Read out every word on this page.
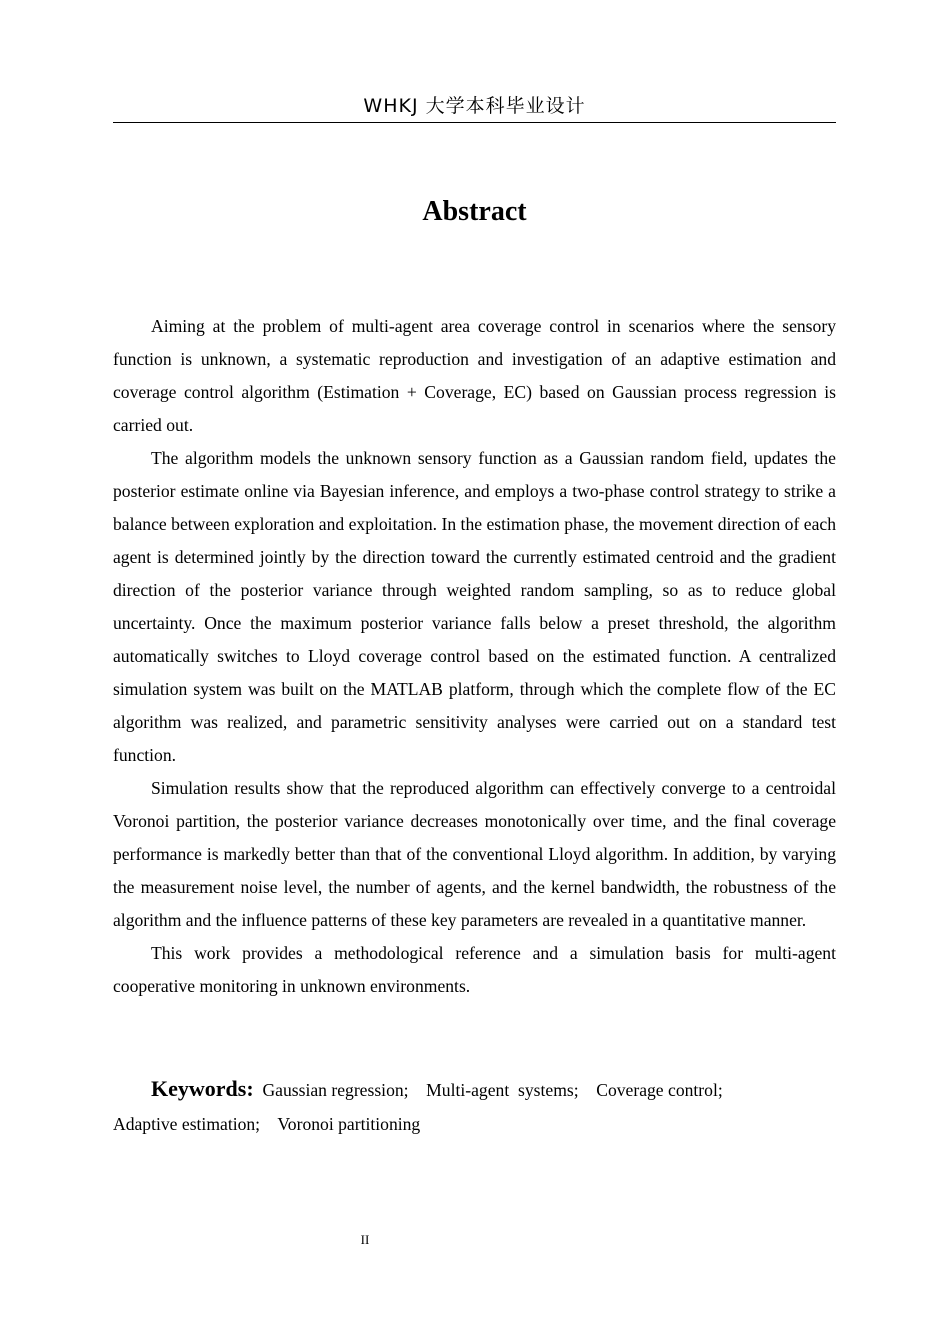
WHKJ 大学本科毕业设计
Abstract

Aiming at the problem of multi-agent area coverage control in scenarios where the sensory function is unknown, a systematic reproduction and investigation of an adaptive estimation and coverage control algorithm (Estimation + Coverage, EC) based on Gaussian process regression is carried out.

The algorithm models the unknown sensory function as a Gaussian random field, updates the posterior estimate online via Bayesian inference, and employs a two-phase control strategy to strike a balance between exploration and exploitation. In the estimation phase, the movement direction of each agent is determined jointly by the direction toward the currently estimated centroid and the gradient direction of the posterior variance through weighted random sampling, so as to reduce global uncertainty. Once the maximum posterior variance falls below a preset threshold, the algorithm automatically switches to Lloyd coverage control based on the estimated function. A centralized simulation system was built on the MATLAB platform, through which the complete flow of the EC algorithm was realized, and parametric sensitivity analyses were carried out on a standard test function.

Simulation results show that the reproduced algorithm can effectively converge to a centroidal Voronoi partition, the posterior variance decreases monotonically over time, and the final coverage performance is markedly better than that of the conventional Lloyd algorithm. In addition, by varying the measurement noise level, the number of agents, and the kernel bandwidth, the robustness of the algorithm and the influence patterns of these key parameters are revealed in a quantitative manner.

This work provides a methodological reference and a simulation basis for multi-agent cooperative monitoring in unknown environments.

Keywords: Gaussian regression; Multi-agent  systems; Coverage control; Adaptive estimation; Voronoi partitioning
II
